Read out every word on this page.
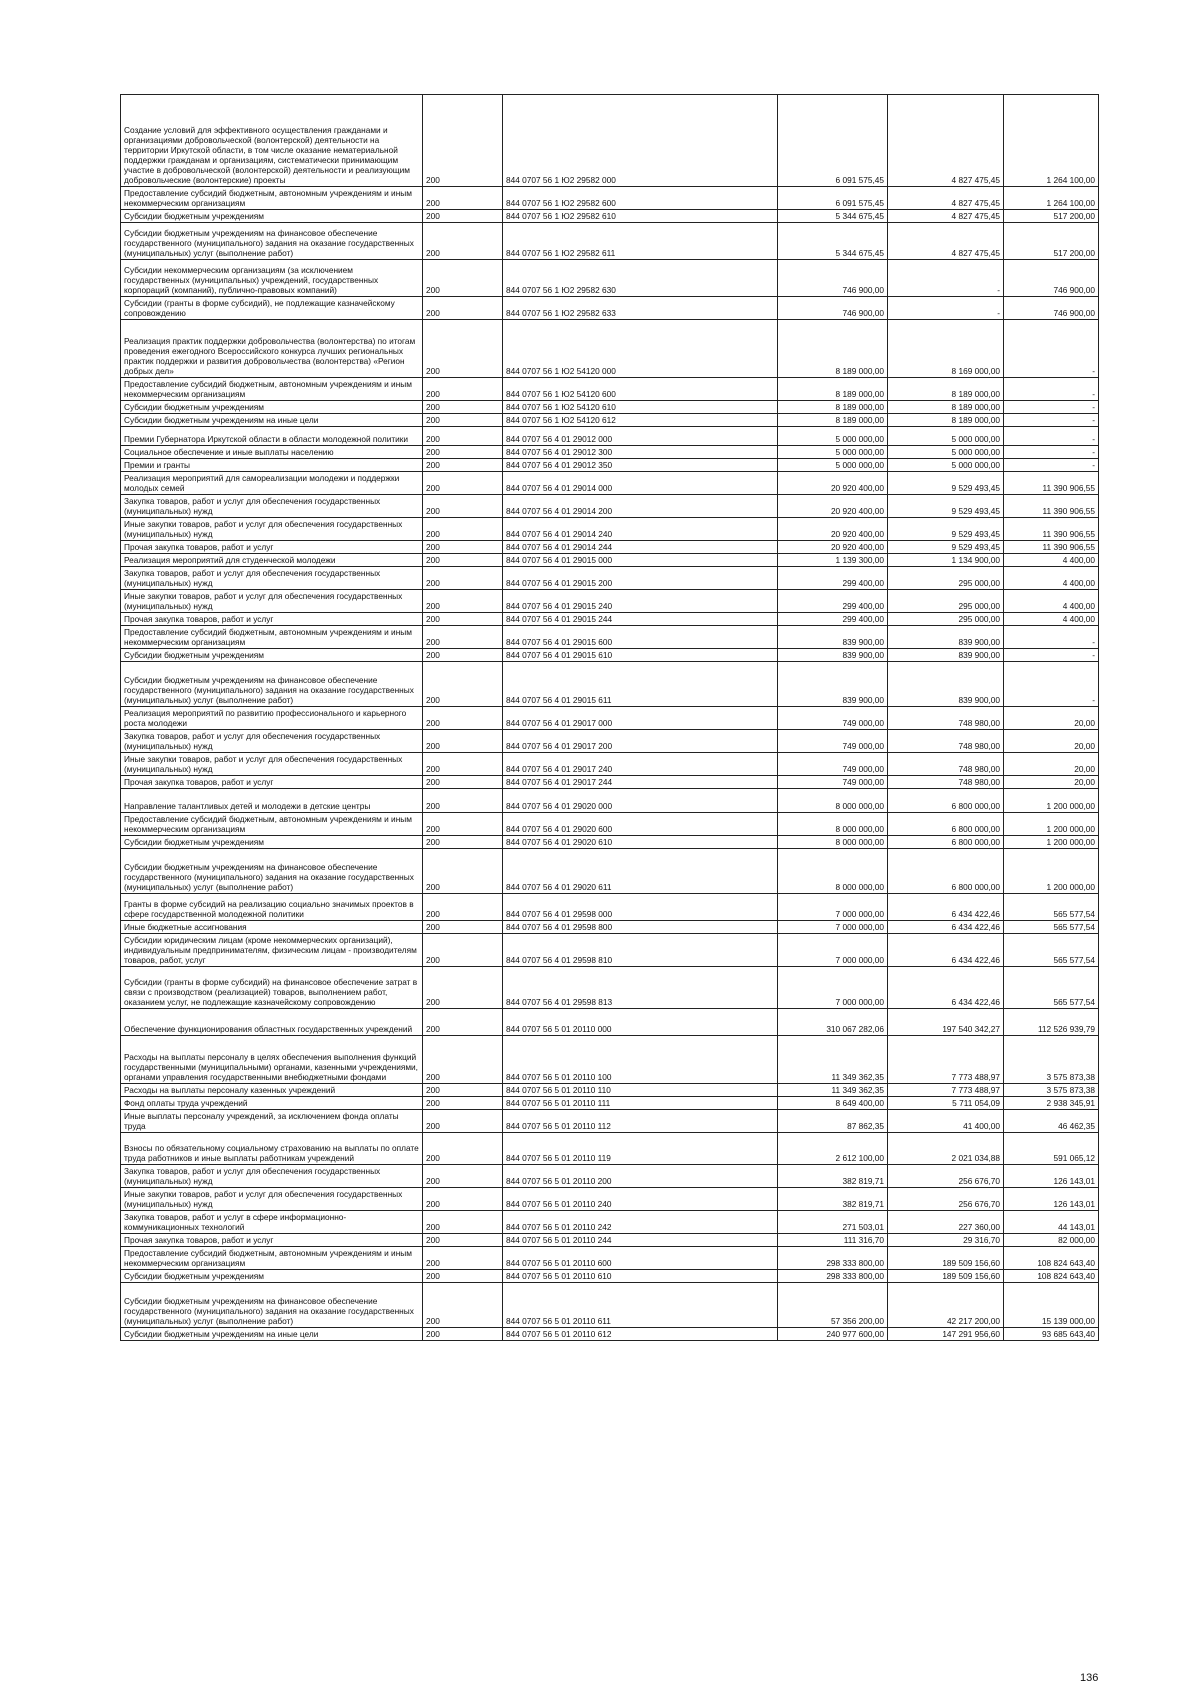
Создание условий для эффективного осуществления гражданами и организациями добровольческой (волонтерской) деятельности на территории Иркутской области, в том числе оказание нематериальной поддержки гражданам и организациям, систематически принимающим участие в добровольческой (волонтерской) деятельности и реализующим добровольческие (волонтерские) проекты	200	844 0707 56 1 Ю2 29582 000	6 091 575,45	4 827 475,45	1 264 100,00
Предоставление субсидий бюджетным, автономным учреждениям и иным некоммерческим организациям	200	844 0707 56 1 Ю2 29582 600	6 091 575,45	4 827 475,45	1 264 100,00
Субсидии бюджетным учреждениям	200	844 0707 56 1 Ю2 29582 610	5 344 675,45	4 827 475,45	517 200,00
Субсидии бюджетным учреждениям на финансовое обеспечение государственного (муниципального) задания на оказание государственных (муниципальных) услуг (выполнение работ)	200	844 0707 56 1 Ю2 29582 611	5 344 675,45	4 827 475,45	517 200,00
Субсидии некоммерческим организациям (за исключением государственных (муниципальных) учреждений, государственных корпораций (компаний), публично-правовых компаний)	200	844 0707 56 1 Ю2 29582 630	746 900,00	-	746 900,00
Субсидии (гранты в форме субсидий), не подлежащие казначейскому сопровождению	200	844 0707 56 1 Ю2 29582 633	746 900,00	-	746 900,00
Реализация практик поддержки добровольчества (волонтерства) по итогам проведения ежегодного Всероссийского конкурса лучших региональных практик поддержки и развития добровольчества (волонтерства) «Регион добрых дел»	200	844 0707 56 1 Ю2 54120 000	8 189 000,00	8 169 000,00	-
Предоставление субсидий бюджетным, автономным учреждениям и иным некоммерческим организациям	200	844 0707 56 1 Ю2 54120 600	8 189 000,00	8 189 000,00	-
Субсидии бюджетным учреждениям	200	844 0707 56 1 Ю2 54120 610	8 189 000,00	8 189 000,00	-
Субсидии бюджетным учреждениям на иные цели	200	844 0707 56 1 Ю2 54120 612	8 189 000,00	8 189 000,00	-
Премии Губернатора Иркутской области в области молодежной политики	200	844 0707 56 4 01 29012 000	5 000 000,00	5 000 000,00	-
Социальное обеспечение и иные выплаты населению	200	844 0707 56 4 01 29012 300	5 000 000,00	5 000 000,00	-
Премии и гранты	200	844 0707 56 4 01 29012 350	5 000 000,00	5 000 000,00	-
Реализация мероприятий для самореализации молодежи и поддержки молодых семей	200	844 0707 56 4 01 29014 000	20 920 400,00	9 529 493,45	11 390 906,55
Закупка товаров, работ и услуг для обеспечения государственных (муниципальных) нужд	200	844 0707 56 4 01 29014 200	20 920 400,00	9 529 493,45	11 390 906,55
Иные закупки товаров, работ и услуг для обеспечения государственных (муниципальных) нужд	200	844 0707 56 4 01 29014 240	20 920 400,00	9 529 493,45	11 390 906,55
Прочая закупка товаров, работ и услуг	200	844 0707 56 4 01 29014 244	20 920 400,00	9 529 493,45	11 390 906,55
Реализация мероприятий для студенческой молодежи	200	844 0707 56 4 01 29015 000	1 139 300,00	1 134 900,00	4 400,00
Закупка товаров, работ и услуг для обеспечения государственных (муниципальных) нужд	200	844 0707 56 4 01 29015 200	299 400,00	295 000,00	4 400,00
Иные закупки товаров, работ и услуг для обеспечения государственных (муниципальных) нужд	200	844 0707 56 4 01 29015 240	299 400,00	295 000,00	4 400,00
Прочая закупка товаров, работ и услуг	200	844 0707 56 4 01 29015 244	299 400,00	295 000,00	4 400,00
Предоставление субсидий бюджетным, автономным учреждениям и иным некоммерческим организациям	200	844 0707 56 4 01 29015 600	839 900,00	839 900,00	-
Субсидии бюджетным учреждениям	200	844 0707 56 4 01 29015 610	839 900,00	839 900,00	-
Субсидии бюджетным учреждениям на финансовое обеспечение государственного (муниципального) задания на оказание государственных (муниципальных) услуг (выполнение работ)	200	844 0707 56 4 01 29015 611	839 900,00	839 900,00	-
Реализация мероприятий по развитию профессионального и карьерного роста молодежи	200	844 0707 56 4 01 29017 000	749 000,00	748 980,00	20,00
Закупка товаров, работ и услуг для обеспечения государственных (муниципальных) нужд	200	844 0707 56 4 01 29017 200	749 000,00	748 980,00	20,00
Иные закупки товаров, работ и услуг для обеспечения государственных (муниципальных) нужд	200	844 0707 56 4 01 29017 240	749 000,00	748 980,00	20,00
Прочая закупка товаров, работ и услуг	200	844 0707 56 4 01 29017 244	749 000,00	748 980,00	20,00
Направление талантливых детей и молодежи в детские центры	200	844 0707 56 4 01 29020 000	8 000 000,00	6 800 000,00	1 200 000,00
Предоставление субсидий бюджетным, автономным учреждениям и иным некоммерческим организациям	200	844 0707 56 4 01 29020 600	8 000 000,00	6 800 000,00	1 200 000,00
Субсидии бюджетным учреждениям	200	844 0707 56 4 01 29020 610	8 000 000,00	6 800 000,00	1 200 000,00
Субсидии бюджетным учреждениям на финансовое обеспечение государственного (муниципального) задания на оказание государственных (муниципальных) услуг (выполнение работ)	200	844 0707 56 4 01 29020 611	8 000 000,00	6 800 000,00	1 200 000,00
Гранты в форме субсидий на реализацию социально значимых проектов в сфере государственной молодежной политики	200	844 0707 56 4 01 29598 000	7 000 000,00	6 434 422,46	565 577,54
Иные бюджетные ассигнования	200	844 0707 56 4 01 29598 800	7 000 000,00	6 434 422,46	565 577,54
Субсидии юридическим лицам (кроме некоммерческих организаций), индивидуальным предпринимателям, физическим лицам - производителям товаров, работ, услуг	200	844 0707 56 4 01 29598 810	7 000 000,00	6 434 422,46	565 577,54
Субсидии (гранты в форме субсидий) на финансовое обеспечение затрат в связи с производством (реализацией) товаров, выполнением работ, оказанием услуг, не подлежащие казначейскому сопровождению	200	844 0707 56 4 01 29598 813	7 000 000,00	6 434 422,46	565 577,54
Обеспечение функционирования областных государственных учреждений	200	844 0707 56 5 01 20110 000	310 067 282,06	197 540 342,27	112 526 939,79
Расходы на выплаты персоналу в целях обеспечения выполнения функций государственными (муниципальными) органами, казенными учреждениями, органами управления государственными внебюджетными фондами	200	844 0707 56 5 01 20110 100	11 349 362,35	7 773 488,97	3 575 873,38
Расходы на выплаты персоналу казенных учреждений	200	844 0707 56 5 01 20110 110	11 349 362,35	7 773 488,97	3 575 873,38
Фонд оплаты труда учреждений	200	844 0707 56 5 01 20110 111	8 649 400,00	5 711 054,09	2 938 345,91
Иные выплаты персоналу учреждений, за исключением фонда оплаты труда	200	844 0707 56 5 01 20110 112	87 862,35	41 400,00	46 462,35
Взносы по обязательному социальному страхованию на выплаты по оплате труда работников и иные выплаты работникам учреждений	200	844 0707 56 5 01 20110 119	2 612 100,00	2 021 034,88	591 065,12
Закупка товаров, работ и услуг для обеспечения государственных (муниципальных) нужд	200	844 0707 56 5 01 20110 200	382 819,71	256 676,70	126 143,01
Иные закупки товаров, работ и услуг для обеспечения государственных (муниципальных) нужд	200	844 0707 56 5 01 20110 240	382 819,71	256 676,70	126 143,01
Закупка товаров, работ и услуг в сфере информационно-коммуникационных технологий	200	844 0707 56 5 01 20110 242	271 503,01	227 360,00	44 143,01
Прочая закупка товаров, работ и услуг	200	844 0707 56 5 01 20110 244	111 316,70	29 316,70	82 000,00
Предоставление субсидий бюджетным, автономным учреждениям и иным некоммерческим организациям	200	844 0707 56 5 01 20110 600	298 333 800,00	189 509 156,60	108 824 643,40
Субсидии бюджетным учреждениям	200	844 0707 56 5 01 20110 610	298 333 800,00	189 509 156,60	108 824 643,40
Субсидии бюджетным учреждениям на финансовое обеспечение государственного (муниципального) задания на оказание государственных (муниципальных) услуг (выполнение работ)	200	844 0707 56 5 01 20110 611	57 356 200,00	42 217 200,00	15 139 000,00
Субсидии бюджетным учреждениям на иные цели	200	844 0707 56 5 01 20110 612	240 977 600,00	147 291 956,60	93 685 643,40
136
